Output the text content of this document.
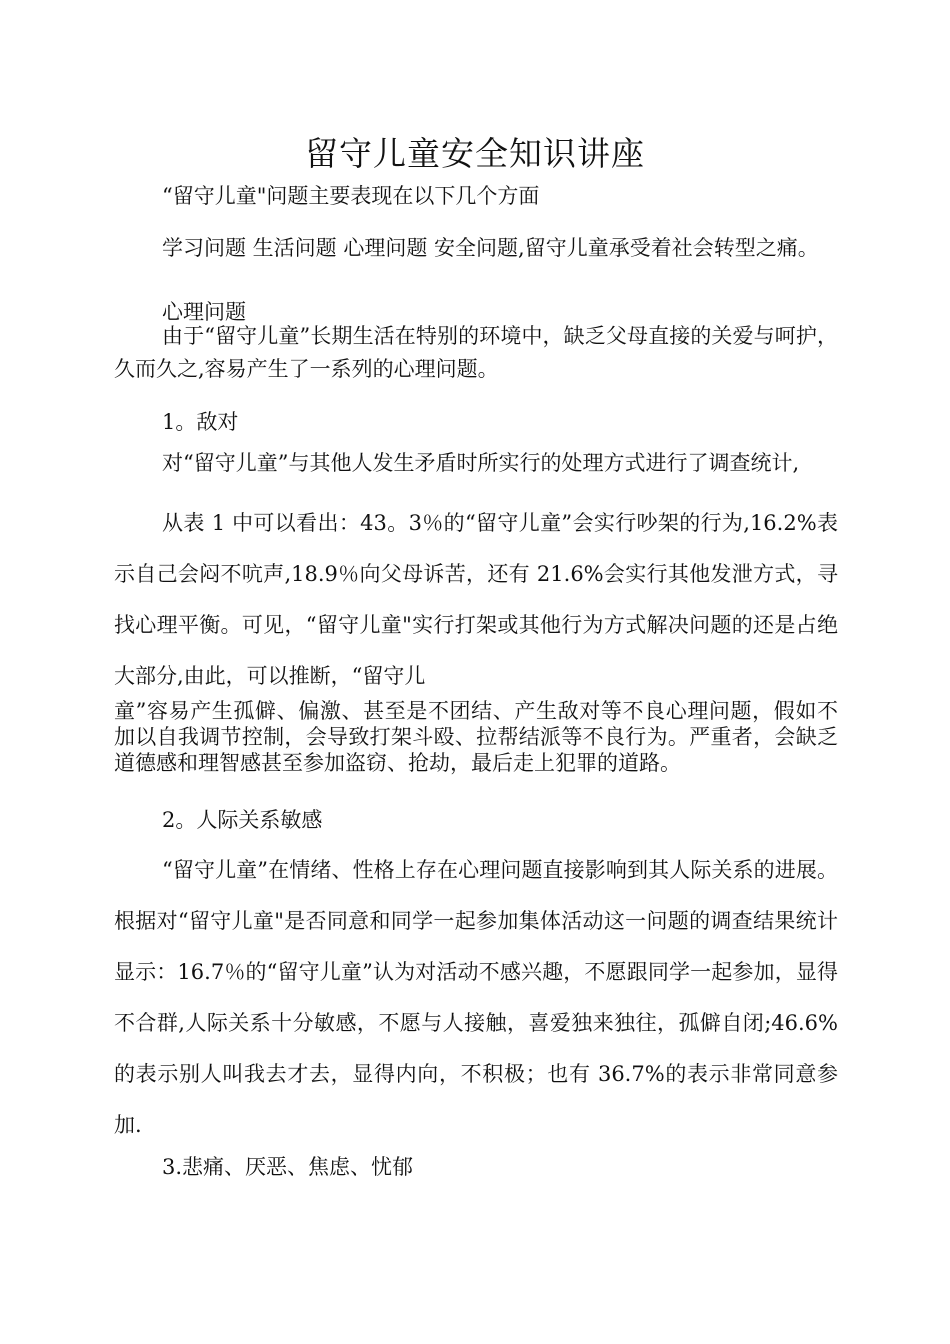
留守儿童安全知识讲座
“留守儿童"问题主要表现在以下几个方面
学习问题 生活问题 心理问题 安全问题,留守儿童承受着社会转型之痛。
心理问题
由于“留守儿童”长期生活在特别的环境中，缺乏父母直接的关爱与呵护，久而久之,容易产生了一系列的心理问题。
1。敌对
对“留守儿童”与其他人发生矛盾时所实行的处理方式进行了调查统计,
从表 1 中可以看出：43。3％的“留守儿童”会实行吵架的行为,16.2%表示自己会闷不吭声,18.9％向父母诉苦，还有 21.6%会实行其他发泄方式，寻找心理平衡。可见，“留守儿童"实行打架或其他行为方式解决问题的还是占绝大部分,由此，可以推断，“留守儿
童”容易产生孤僻、偏激、甚至是不团结、产生敌对等不良心理问题，假如不加以自我调节控制，会导致打架斗殴、拉帮结派等不良行为。严重者，会缺乏道德感和理智感甚至参加盗窃、抢劫，最后走上犯罪的道路。
2。人际关系敏感
“留守儿童”在情绪、性格上存在心理问题直接影响到其人际关系的进展。根据对“留守儿童"是否同意和同学一起参加集体活动这一问题的调查结果统计显示：16.7％的“留守儿童”认为对活动不感兴趣，不愿跟同学一起参加，显得不合群,人际关系十分敏感，不愿与人接触，喜爱独来独往，孤僻自闭;46.6%的表示别人叫我去才去，显得内向，不积极；也有 36.7%的表示非常同意参加.
3.悲痛、厌恶、焦虑、忧郁
